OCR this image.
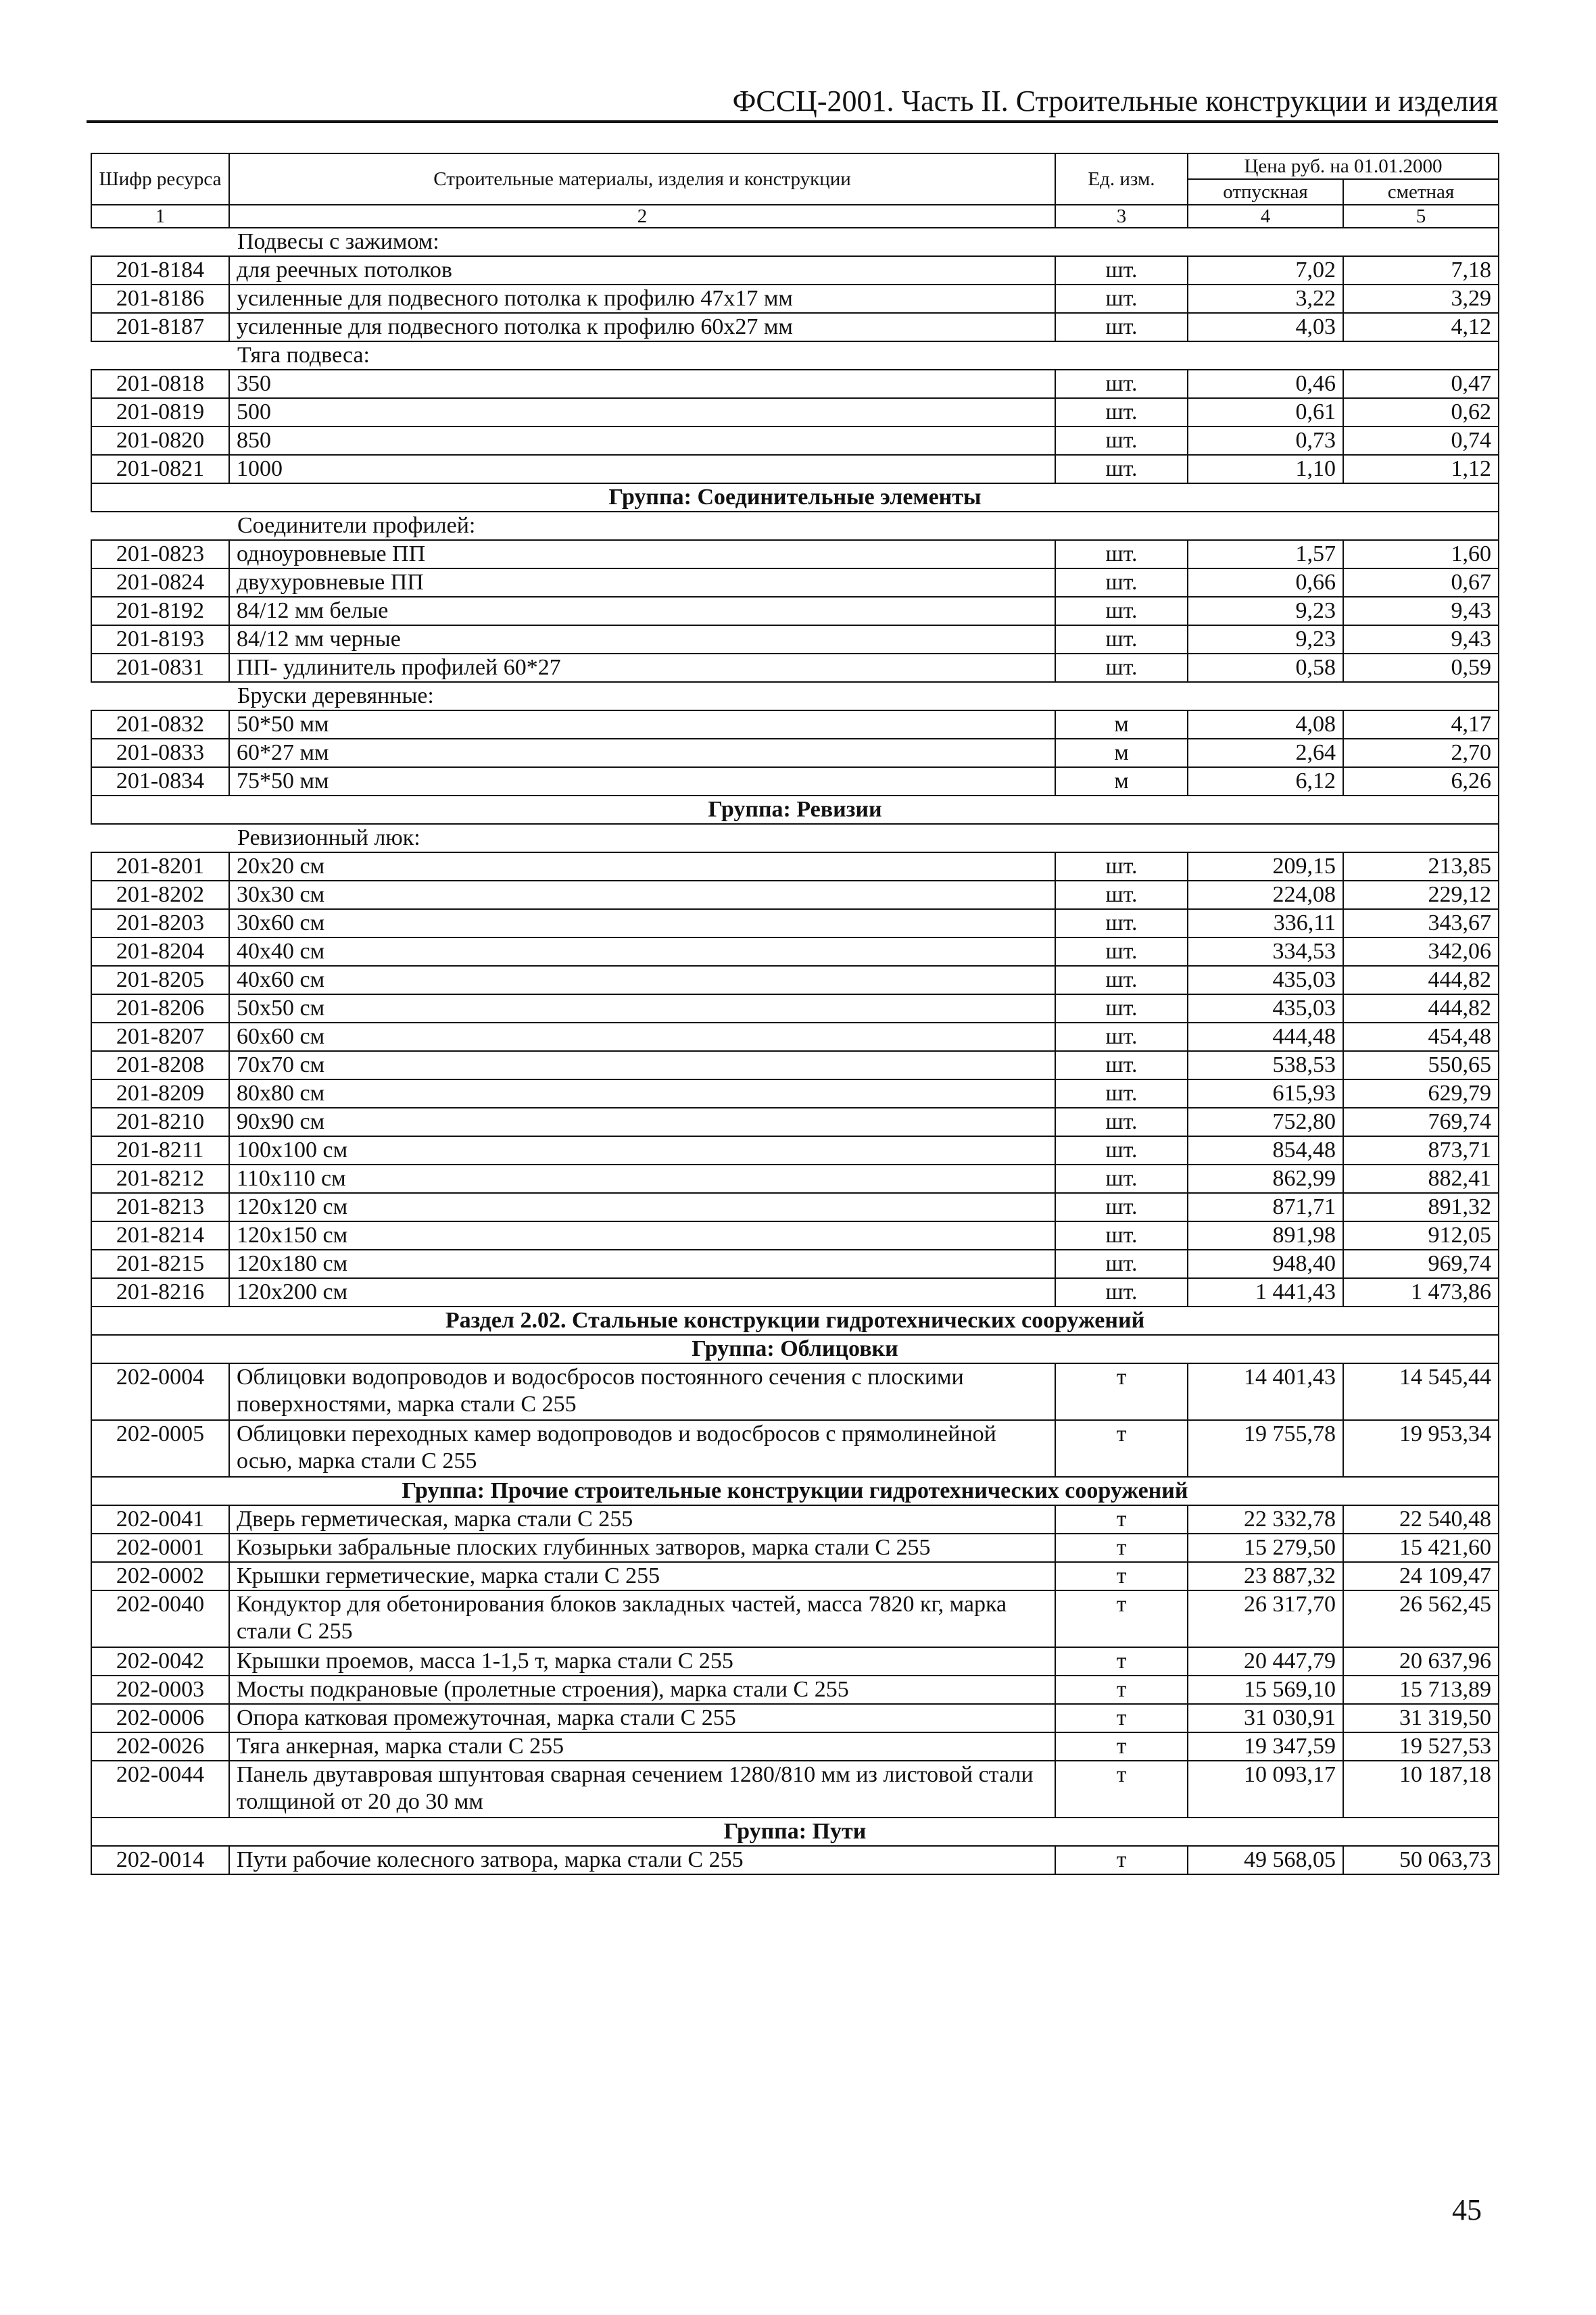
ФССЦ-2001. Часть II. Строительные конструкции и изделия
Шифр ресурса	Строительные материалы, изделия и конструкции	Ед. изм.	Цена руб. на 01.01.2000	
			отпускная	сметная
1	2	3	4	5
Подвесы с зажимом:				
201-8184	для реечных потолков	шт.	7,02	7,18
201-8186	усиленные для подвесного потолка к профилю 47х17 мм	шт.	3,22	3,29
201-8187	усиленные для подвесного потолка к профилю 60х27 мм	шт.	4,03	4,12
Тяга подвеса:				
201-0818	350	шт.	0,46	0,47
201-0819	500	шт.	0,61	0,62
201-0820	850	шт.	0,73	0,74
201-0821	1000	шт.	1,10	1,12
Группа: Соединительные элементы				
Соединители профилей:				
201-0823	одноуровневые ПП	шт.	1,57	1,60
201-0824	двухуровневые ПП	шт.	0,66	0,67
201-8192	84/12 мм белые	шт.	9,23	9,43
201-8193	84/12 мм черные	шт.	9,23	9,43
201-0831	ПП- удлинитель профилей 60*27	шт.	0,58	0,59
Бруски деревянные:				
201-0832	50*50 мм	м	4,08	4,17
201-0833	60*27 мм	м	2,64	2,70
201-0834	75*50 мм	м	6,12	6,26
Группа: Ревизии				
Ревизионный люк:				
201-8201	20х20 см	шт.	209,15	213,85
201-8202	30х30 см	шт.	224,08	229,12
201-8203	30х60 см	шт.	336,11	343,67
201-8204	40х40 см	шт.	334,53	342,06
201-8205	40х60 см	шт.	435,03	444,82
201-8206	50х50 см	шт.	435,03	444,82
201-8207	60х60 см	шт.	444,48	454,48
201-8208	70х70 см	шт.	538,53	550,65
201-8209	80х80 см	шт.	615,93	629,79
201-8210	90х90 см	шт.	752,80	769,74
201-8211	100х100 см	шт.	854,48	873,71
201-8212	110х110 см	шт.	862,99	882,41
201-8213	120х120 см	шт.	871,71	891,32
201-8214	120х150 см	шт.	891,98	912,05
201-8215	120х180 см	шт.	948,40	969,74
201-8216	120х200 см	шт.	1 441,43	1 473,86
Раздел 2.02. Стальные конструкции гидротехнических сооружений				
Группа: Облицовки				
202-0004	Облицовки водопроводов и водосбросов постоянного сечения с плоскими поверхностями, марка стали С 255	т	14 401,43	14 545,44
202-0005	Облицовки переходных камер водопроводов и водосбросов с прямолинейной осью, марка стали С 255	т	19 755,78	19 953,34
Группа: Прочие строительные конструкции гидротехнических сооружений				
202-0041	Дверь герметическая, марка стали С 255	т	22 332,78	22 540,48
202-0001	Козырьки забральные плоских глубинных затворов, марка стали С 255	т	15 279,50	15 421,60
202-0002	Крышки герметические, марка стали С 255	т	23 887,32	24 109,47
202-0040	Кондуктор для обетонирования блоков закладных частей, масса 7820 кг, марка стали С 255	т	26 317,70	26 562,45
202-0042	Крышки проемов, масса 1-1,5 т, марка стали С 255	т	20 447,79	20 637,96
202-0003	Мосты подкрановые (пролетные строения), марка стали С 255	т	15 569,10	15 713,89
202-0006	Опора катковая промежуточная, марка стали С 255	т	31 030,91	31 319,50
202-0026	Тяга анкерная, марка стали С 255	т	19 347,59	19 527,53
202-0044	Панель двутавровая шпунтовая сварная сечением 1280/810 мм из листовой стали толщиной от 20 до 30 мм	т	10 093,17	10 187,18
Группа: Пути				
202-0014	Пути рабочие колесного затвора, марка стали С 255	т	49 568,05	50 063,73
45
